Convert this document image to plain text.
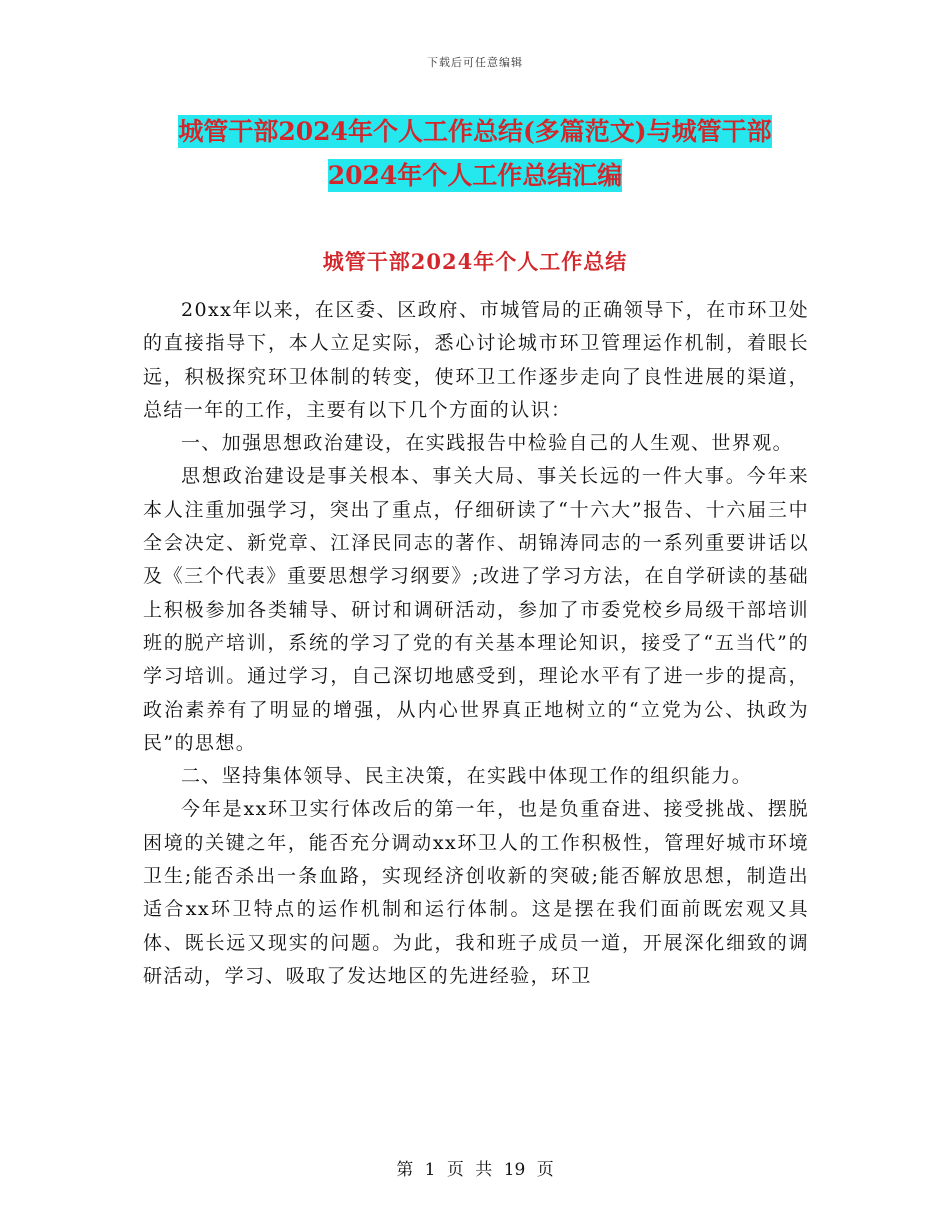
下载后可任意编辑
城管干部2024年个人工作总结(多篇范文)与城管干部
2024年个人工作总结汇编
城管干部2024年个人工作总结

20xx年以来，在区委、区政府、市城管局的正确领导下，在市环卫处的直接指导下，本人立足实际，悉心讨论城市环卫管理运作机制，着眼长远，积极探究环卫体制的转变，使环卫工作逐步走向了良性进展的渠道，总结一年的工作，主要有以下几个方面的认识：

一、加强思想政治建设，在实践报告中检验自己的人生观、世界观。

思想政治建设是事关根本、事关大局、事关长远的一件大事。今年来本人注重加强学习，突出了重点，仔细研读了“十六大”报告、十六届三中全会决定、新党章、江泽民同志的著作、胡锦涛同志的一系列重要讲话以及《三个代表》重要思想学习纲要》;改进了学习方法，在自学研读的基础上积极参加各类辅导、研讨和调研活动，参加了市委党校乡局级干部培训班的脱产培训，系统的学习了党的有关基本理论知识，接受了“五当代”的学习培训。通过学习，自己深切地感受到，理论水平有了进一步的提高，政治素养有了明显的增强，从内心世界真正地树立的“立党为公、执政为民”的思想。

二、坚持集体领导、民主决策，在实践中体现工作的组织能力。

今年是xx环卫实行体改后的第一年，也是负重奋进、接受挑战、摆脱困境的关键之年，能否充分调动xx环卫人的工作积极性，管理好城市环境卫生;能否杀出一条血路，实现经济创收新的突破;能否解放思想，制造出适合xx环卫特点的运作机制和运行体制。这是摆在我们面前既宏观又具体、既长远又现实的问题。为此，我和班子成员一道，开展深化细致的调研活动，学习、吸取了发达地区的先进经验，环卫

第 1 页 共 19 页
